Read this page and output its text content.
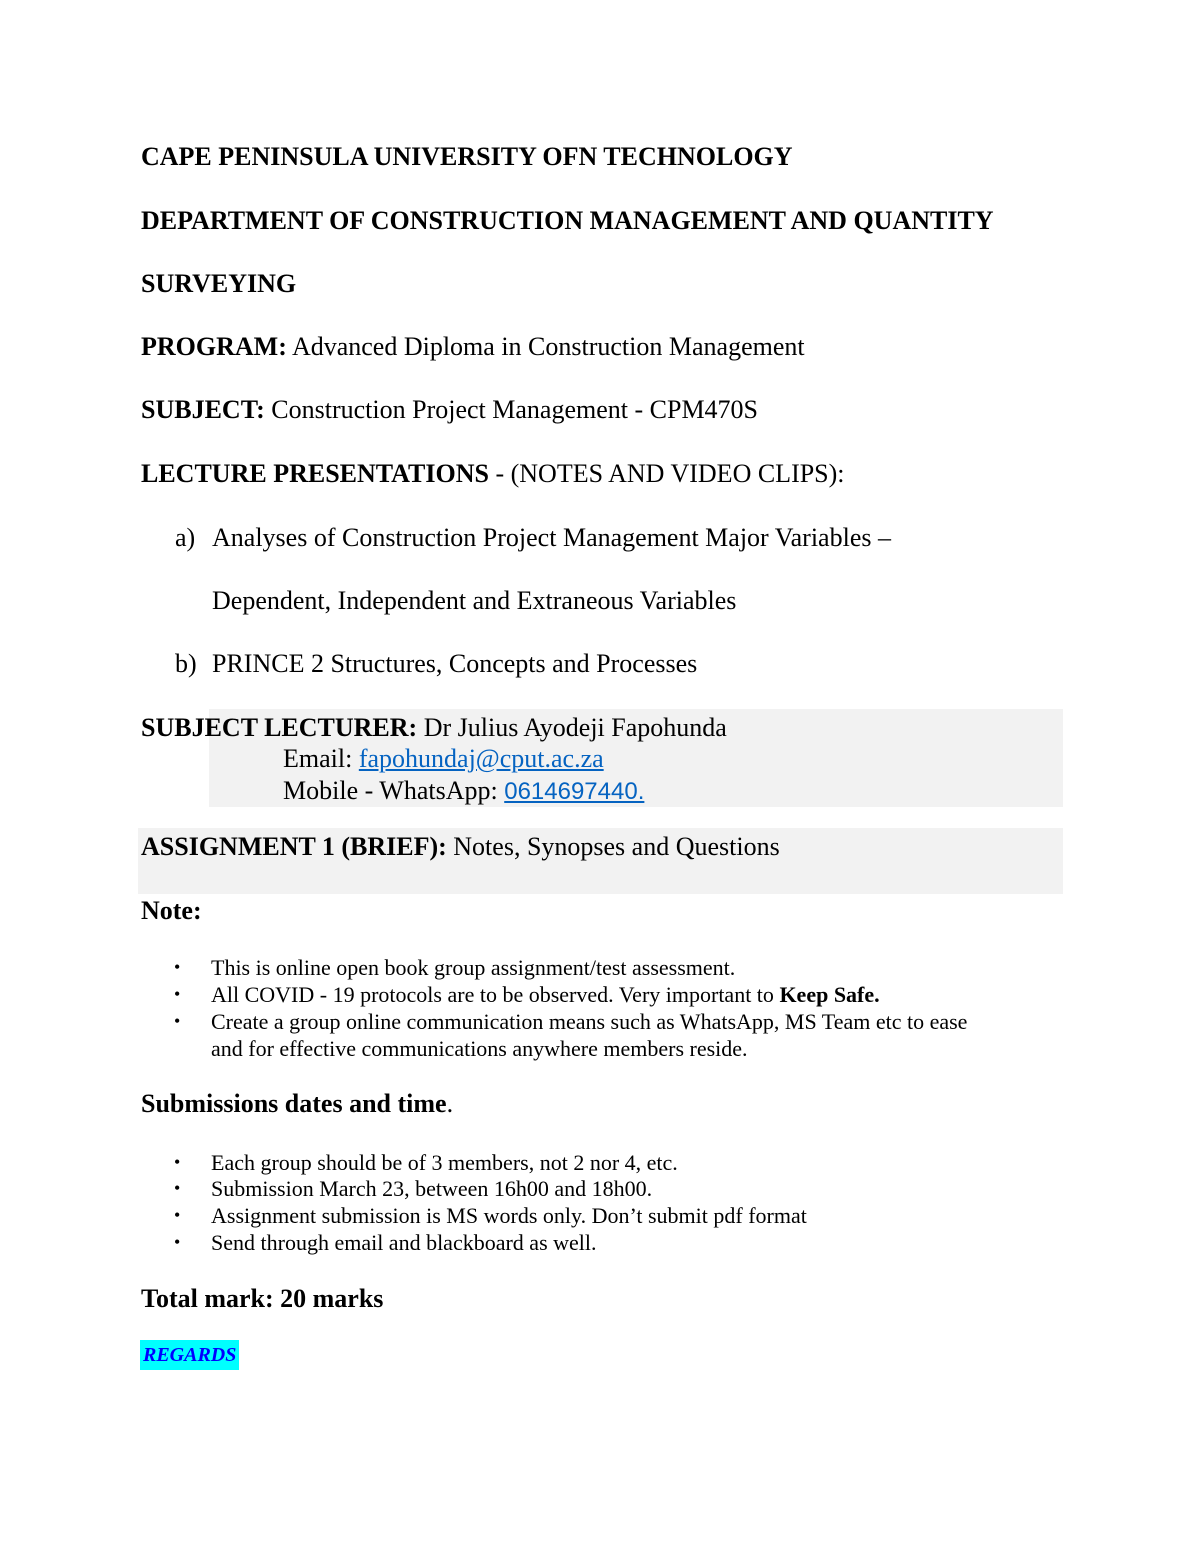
CAPE PENINSULA UNIVERSITY OFN TECHNOLOGY
DEPARTMENT OF CONSTRUCTION MANAGEMENT AND QUANTITY
SURVEYING
PROGRAM: Advanced Diploma in Construction Management
SUBJECT: Construction Project Management - CPM470S
LECTURE PRESENTATIONS - (NOTES AND VIDEO CLIPS):
a) Analyses of Construction Project Management Major Variables –
Dependent, Independent and Extraneous Variables
b) PRINCE 2 Structures, Concepts and Processes
SUBJECT LECTURER: Dr Julius Ayodeji Fapohunda
Email: fapohundaj@cput.ac.za
Mobile - WhatsApp: 0614697440.
ASSIGNMENT 1 (BRIEF): Notes, Synopses and Questions
Note:
• This is online open book group assignment/test assessment.
• All COVID - 19 protocols are to be observed. Very important to Keep Safe.
• Create a group online communication means such as WhatsApp, MS Team etc to ease
and for effective communications anywhere members reside.
Submissions dates and time.
• Each group should be of 3 members, not 2 nor 4, etc.
• Submission March 23, between 16h00 and 18h00.
• Assignment submission is MS words only. Don’t submit pdf format
• Send through email and blackboard as well.
Total mark: 20 marks
REGARDS
